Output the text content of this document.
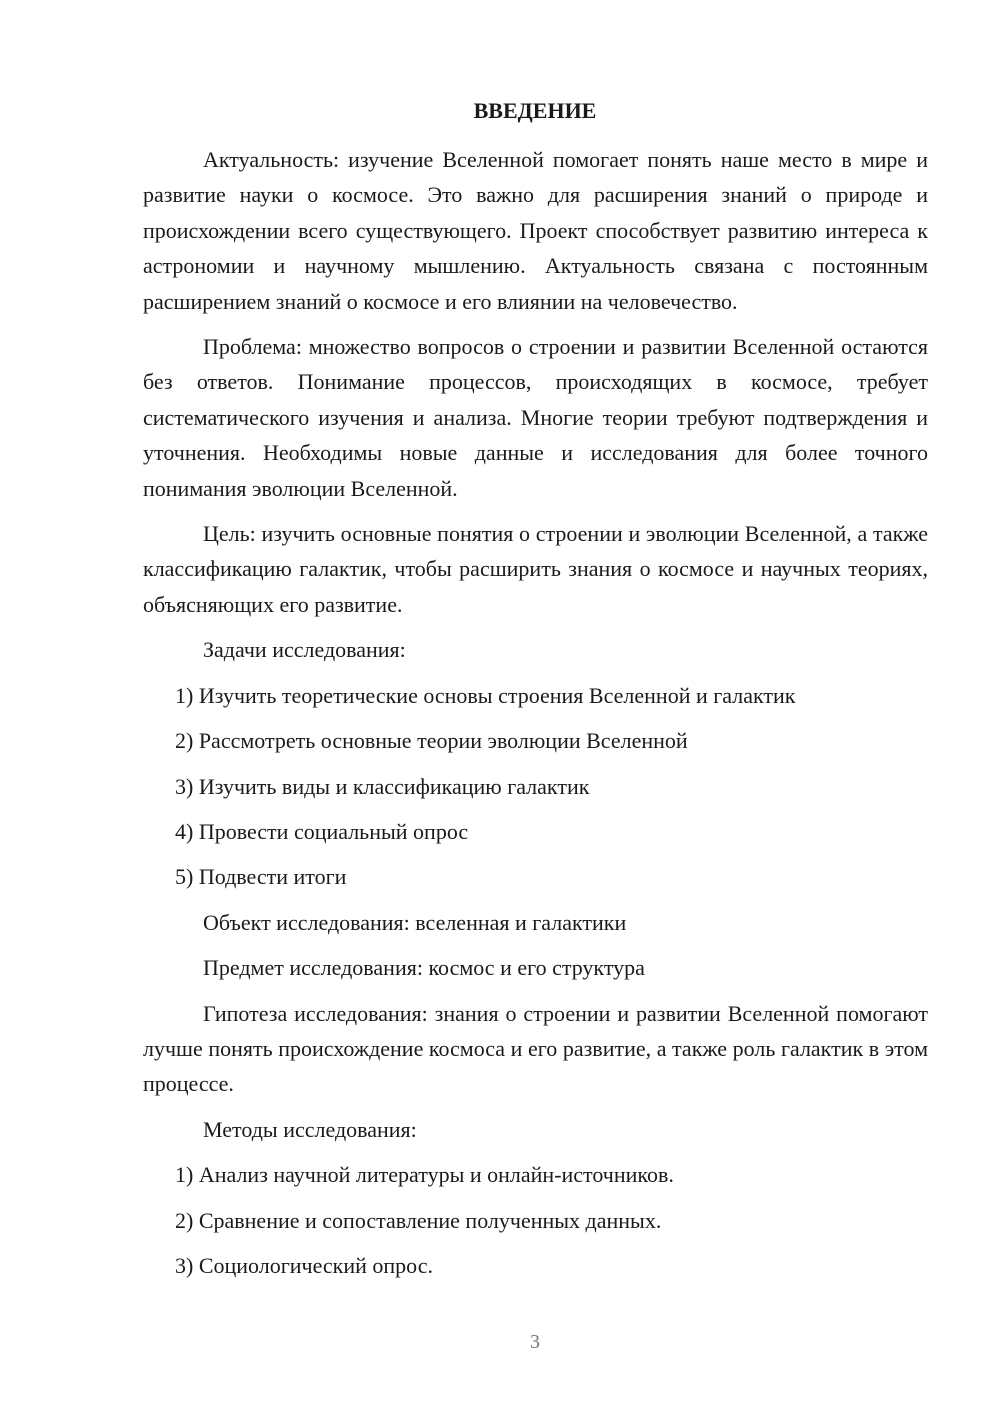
ВВЕДЕНИЕ

Актуальность: изучение Вселенной помогает понять наше место в мире и развитие науки о космосе. Это важно для расширения знаний о природе и происхождении всего существующего. Проект способствует развитию интереса к астрономии и научному мышлению. Актуальность связана с постоянным расширением знаний о космосе и его влиянии на человечество.

Проблема: множество вопросов о строении и развитии Вселенной остаются без ответов. Понимание процессов, происходящих в космосе, требует систематического изучения и анализа. Многие теории требуют подтверждения и уточнения. Необходимы новые данные и исследования для более точного понимания эволюции Вселенной.

Цель: изучить основные понятия о строении и эволюции Вселенной, а также классификацию галактик, чтобы расширить знания о космосе и научных теориях, объясняющих его развитие.

Задачи исследования:

1) Изучить теоретические основы строения Вселенной и галактик

2) Рассмотреть основные теории эволюции Вселенной

3) Изучить виды и классификацию галактик

4) Провести социальный опрос

5) Подвести итоги

Объект исследования: вселенная и галактики

Предмет исследования: космос и его структура

Гипотеза исследования: знания о строении и развитии Вселенной помогают лучше понять происхождение космоса и его развитие, а также роль галактик в этом процессе.

Методы исследования:

1) Анализ научной литературы и онлайн-источников.

2) Сравнение и сопоставление полученных данных.

3) Социологический опрос.

3
